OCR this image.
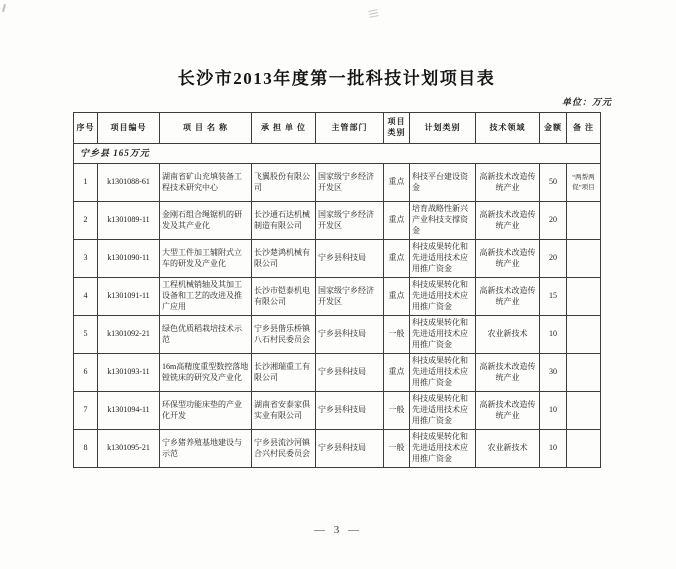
长沙市2013年度第一批科技计划项目表
单位：万元
序号	项目编号	项 目 名 称	承 担 单 位	主管部门	项目类别	计划类别	技术领域	金额	备 注
宁乡县 165万元									
1	k1301088-61	湖南省矿山充填装备工程技术研究中心	飞翼股份有限公司	国家级宁乡经济开发区	重点	科技平台建设资金	高新技术改造传统产业	50	“两帮两促”项目
2	k1301089-11	金刚石组合绳锯机的研发及其产业化	长沙通石达机械制造有限公司	国家级宁乡经济开发区	重点	培育战略性新兴产业科技支撑资金	高新技术改造传统产业	20	
3	k1301090-11	大型工件加工辅附式立车的研发及产业化	长沙楚鸿机械有限公司	宁乡县科技局	重点	科技成果转化和先进适用技术应用推广资金	高新技术改造传统产业	20	
4	k1301091-11	工程机械销轴及其加工设备和工艺的改进及推广应用	长沙市铠泰机电有限公司	国家级宁乡经济开发区	重点	科技成果转化和先进适用技术应用推广资金	高新技术改造传统产业	15	
5	k1301092-21	绿色优质稻栽培技术示范	宁乡县偕乐桥镇八石村民委员会	宁乡县科技局	一般	科技成果转化和先进适用技术应用推广资金	农业新技术	10	
6	k1301093-11	16m高精度重型数控落地镗铣床的研究及产业化	长沙湘瑞重工有限公司	宁乡县科技局	重点	科技成果转化和先进适用技术应用推广资金	高新技术改造传统产业	30	
7	k1301094-11	环保型功能床垫的产业化开发	湖南省安泰家俱实业有限公司	宁乡县科技局	一般	科技成果转化和先进适用技术应用推广资金	高新技术改造传统产业	10	
8	k1301095-21	宁乡猪养殖基地建设与示范	宁乡县流沙河镇合兴村民委员会	宁乡县科技局	一般	科技成果转化和先进适用技术应用推广资金	农业新技术	10	
— 3 —
